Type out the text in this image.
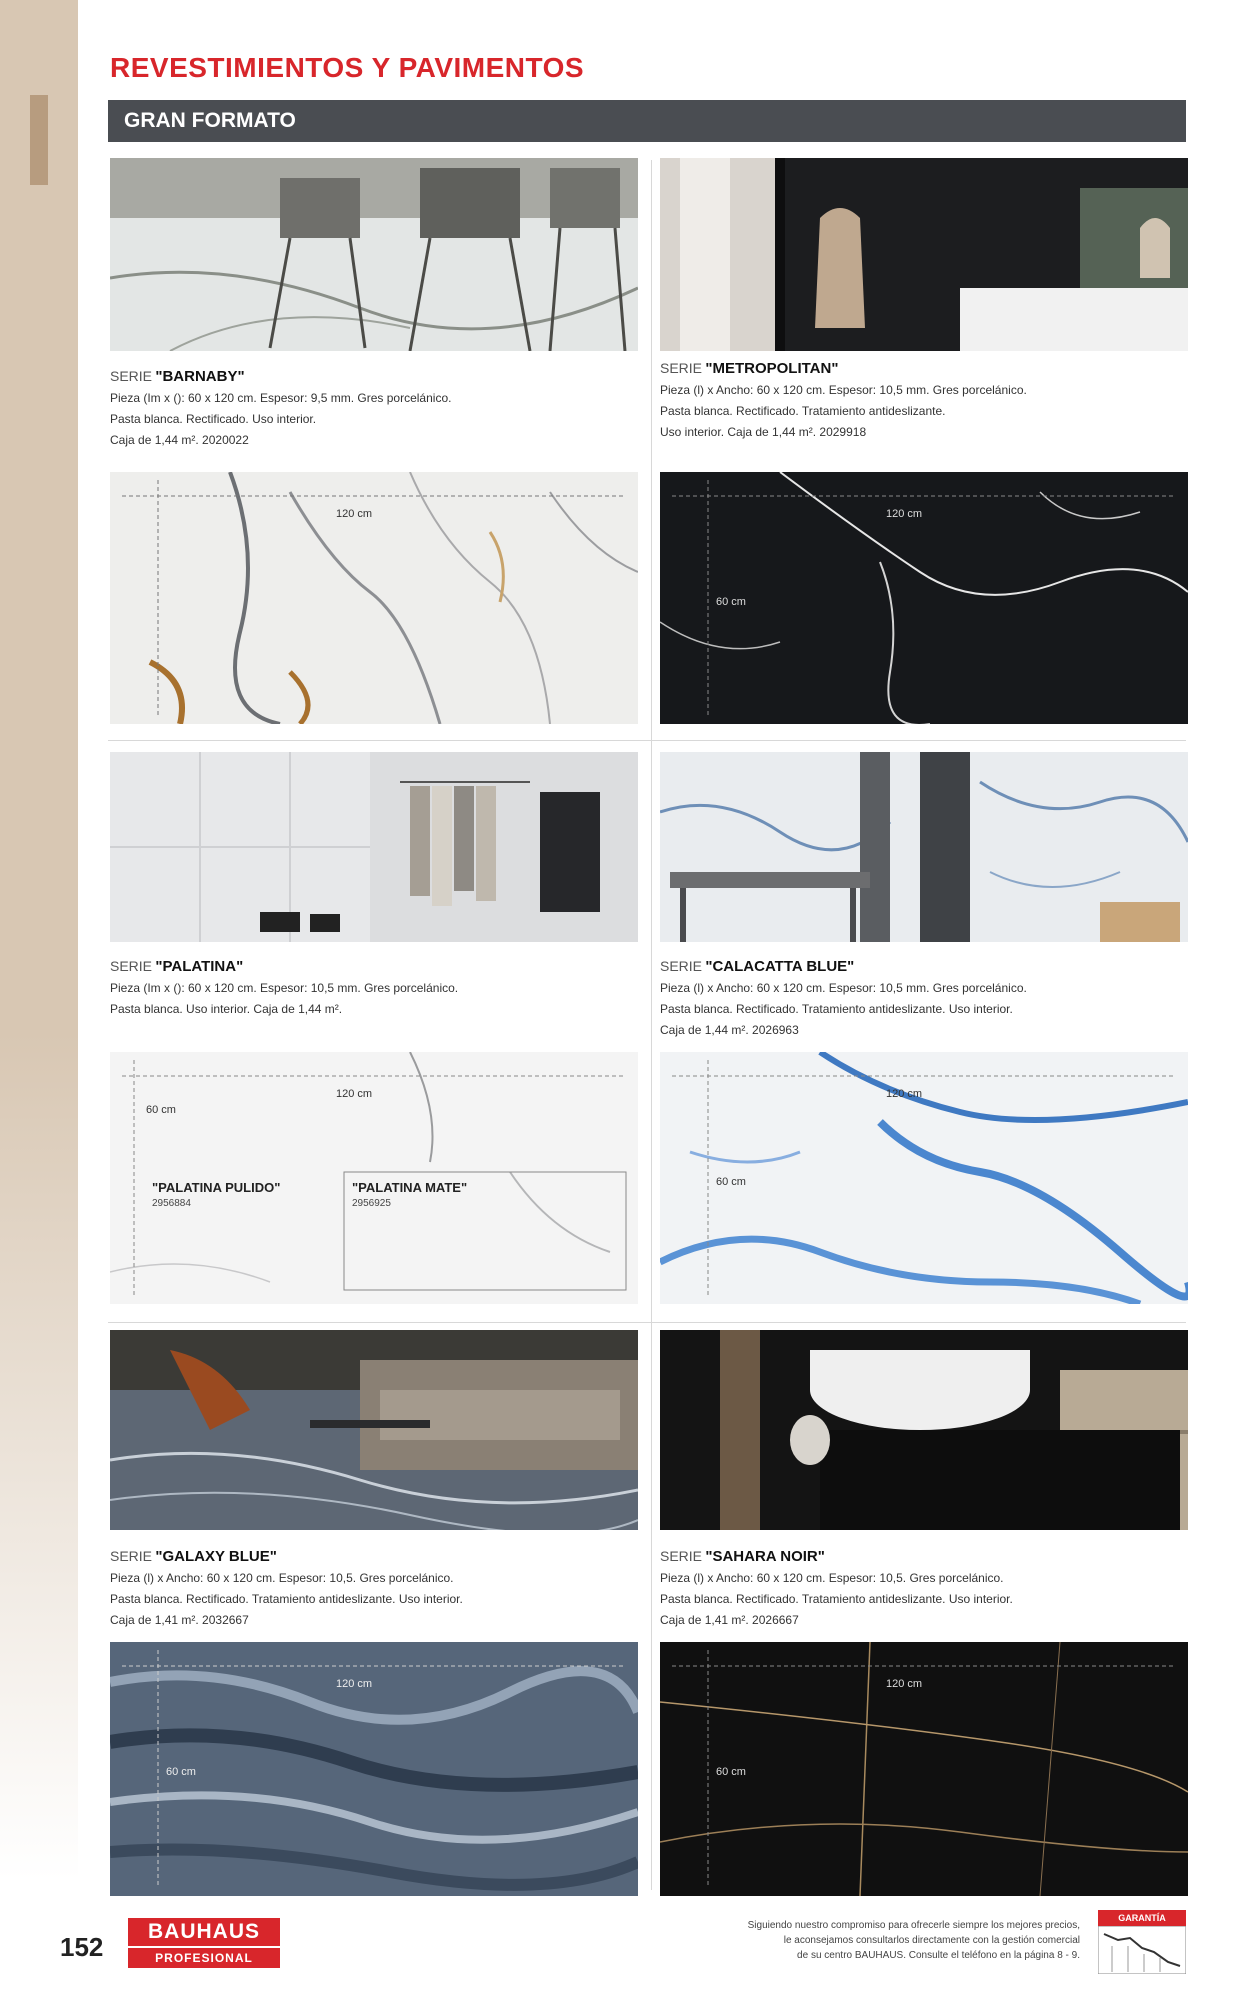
REVESTIMIENTOS Y PAVIMENTOS
GRAN FORMATO
SERIE "BARNABY"
Pieza (Im x (): 60 x 120 cm. Espesor: 9,5 mm. Gres porcelánico.
Pasta blanca. Rectificado. Uso interior.
Caja de 1,44 m². 2020022
SERIE "METROPOLITAN"
Pieza (l) x Ancho: 60 x 120 cm. Espesor: 10,5 mm. Gres porcelánico.
Pasta blanca. Rectificado. Tratamiento antideslizante.
Uso interior. Caja de 1,44 m². 2029918
120 cm	120 cm
60 cm
SERIE "PALATINA"
Pieza (Im x (): 60 x 120 cm. Espesor: 10,5 mm. Gres porcelánico.
Pasta blanca. Uso interior. Caja de 1,44 m².
SERIE "CALACATTA BLUE"
Pieza (l) x Ancho: 60 x 120 cm. Espesor: 10,5 mm. Gres porcelánico.
Pasta blanca. Rectificado. Tratamiento antideslizante. Uso interior.
Caja de 1,44 m². 2026963
120 cm
60 cm
"PALATINA PULIDO"
2956884
"PALATINA MATE"
2956925
120 cm
60 cm
SERIE "GALAXY BLUE"
Pieza (l) x Ancho: 60 x 120 cm. Espesor: 10,5. Gres porcelánico.
Pasta blanca. Rectificado. Tratamiento antideslizante. Uso interior.
Caja de 1,41 m². 2032667
SERIE "SAHARA NOIR"
Pieza (l) x Ancho: 60 x 120 cm. Espesor: 10,5. Gres porcelánico.
Pasta blanca. Rectificado. Tratamiento antideslizante. Uso interior.
Caja de 1,41 m². 2026667
120 cm
60 cm
120 cm
60 cm
152
BAUHAUS
PROFESIONAL
Siguiendo nuestro compromiso para ofrecerle siempre los mejores precios,
le aconsejamos consultarlos directamente con la gestión comercial
de su centro BAUHAUS. Consulte el teléfono en la página 8 - 9.
GARANTÍA
